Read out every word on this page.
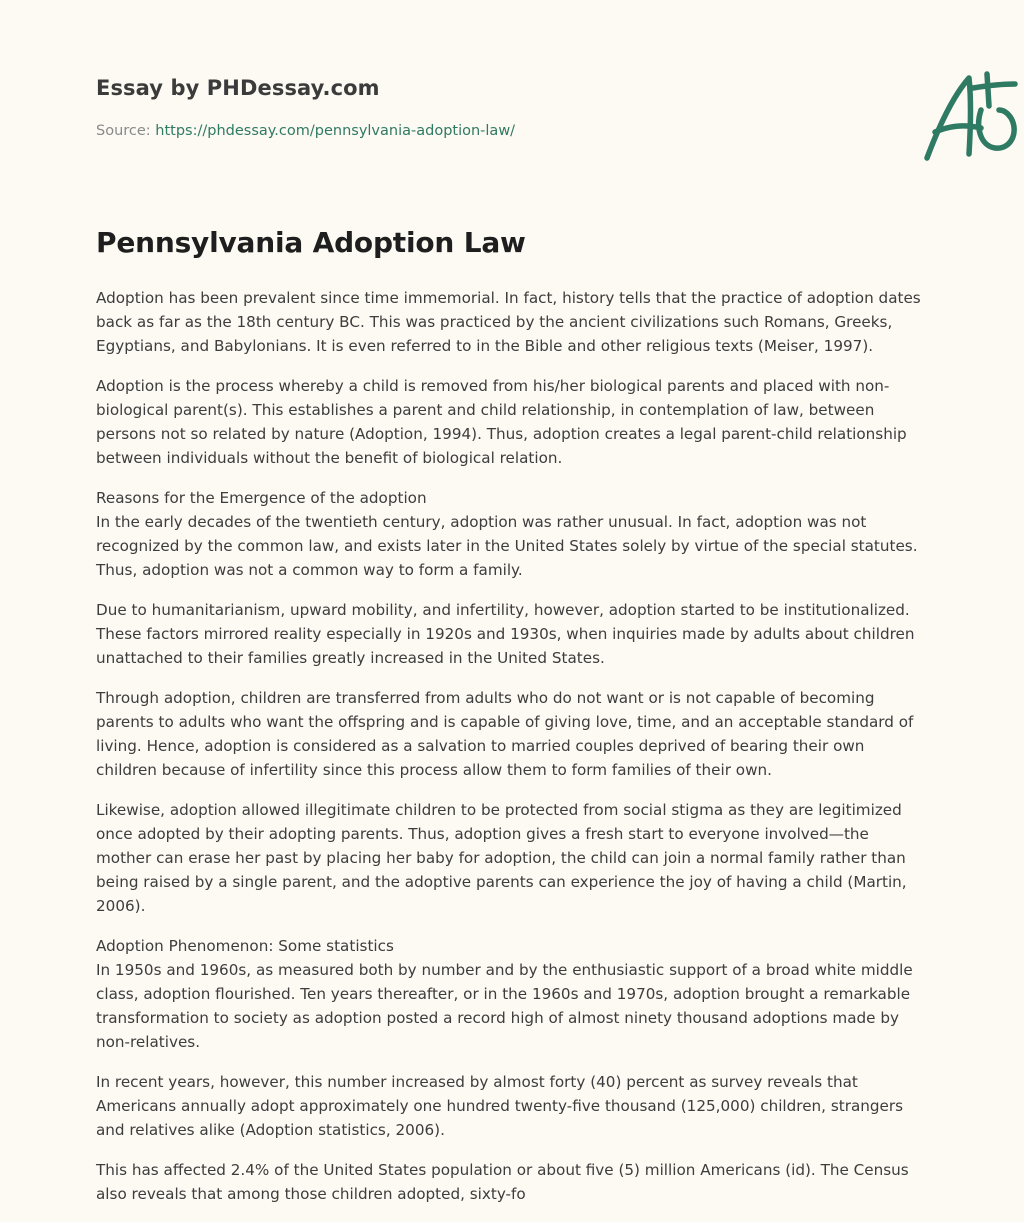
Essay by PHDessay.com
Source: https://phdessay.com/pennsylvania-adoption-law/
Pennsylvania Adoption Law

Adoption has been prevalent since time immemorial. In fact, history tells that the practice of adoption dates back as far as the 18th century BC. This was practiced by the ancient civilizations such Romans, Greeks, Egyptians, and Babylonians. It is even referred to in the Bible and other religious texts (Meiser, 1997).

Adoption is the process whereby a child is removed from his/her biological parents and placed with non-biological parent(s). This establishes a parent and child relationship, in contemplation of law, between persons not so related by nature (Adoption, 1994). Thus, adoption creates a legal parent-child relationship between individuals without the benefit of biological relation.

Reasons for the Emergence of the adoption
In the early decades of the twentieth century, adoption was rather unusual. In fact, adoption was not recognized by the common law, and exists later in the United States solely by virtue of the special statutes. Thus, adoption was not a common way to form a family.

Due to humanitarianism, upward mobility, and infertility, however, adoption started to be institutionalized. These factors mirrored reality especially in 1920s and 1930s, when inquiries made by adults about children unattached to their families greatly increased in the United States.

Through adoption, children are transferred from adults who do not want or is not capable of becoming parents to adults who want the offspring and is capable of giving love, time, and an acceptable standard of living. Hence, adoption is considered as a salvation to married couples deprived of bearing their own children because of infertility since this process allow them to form families of their own.

Likewise, adoption allowed illegitimate children to be protected from social stigma as they are legitimized once adopted by their adopting parents. Thus, adoption gives a fresh start to everyone involved—the mother can erase her past by placing her baby for adoption, the child can join a normal family rather than being raised by a single parent, and the adoptive parents can experience the joy of having a child (Martin, 2006).

Adoption Phenomenon: Some statistics
In 1950s and 1960s, as measured both by number and by the enthusiastic support of a broad white middle class, adoption flourished. Ten years thereafter, or in the 1960s and 1970s, adoption brought a remarkable transformation to society as adoption posted a record high of almost ninety thousand adoptions made by non-relatives.

In recent years, however, this number increased by almost forty (40) percent as survey reveals that Americans annually adopt approximately one hundred twenty-five thousand (125,000) children, strangers and relatives alike (Adoption statistics, 2006).

This has affected 2.4% of the United States population or about five (5) million Americans (id). The Census also reveals that among those children adopted, sixty-fo
